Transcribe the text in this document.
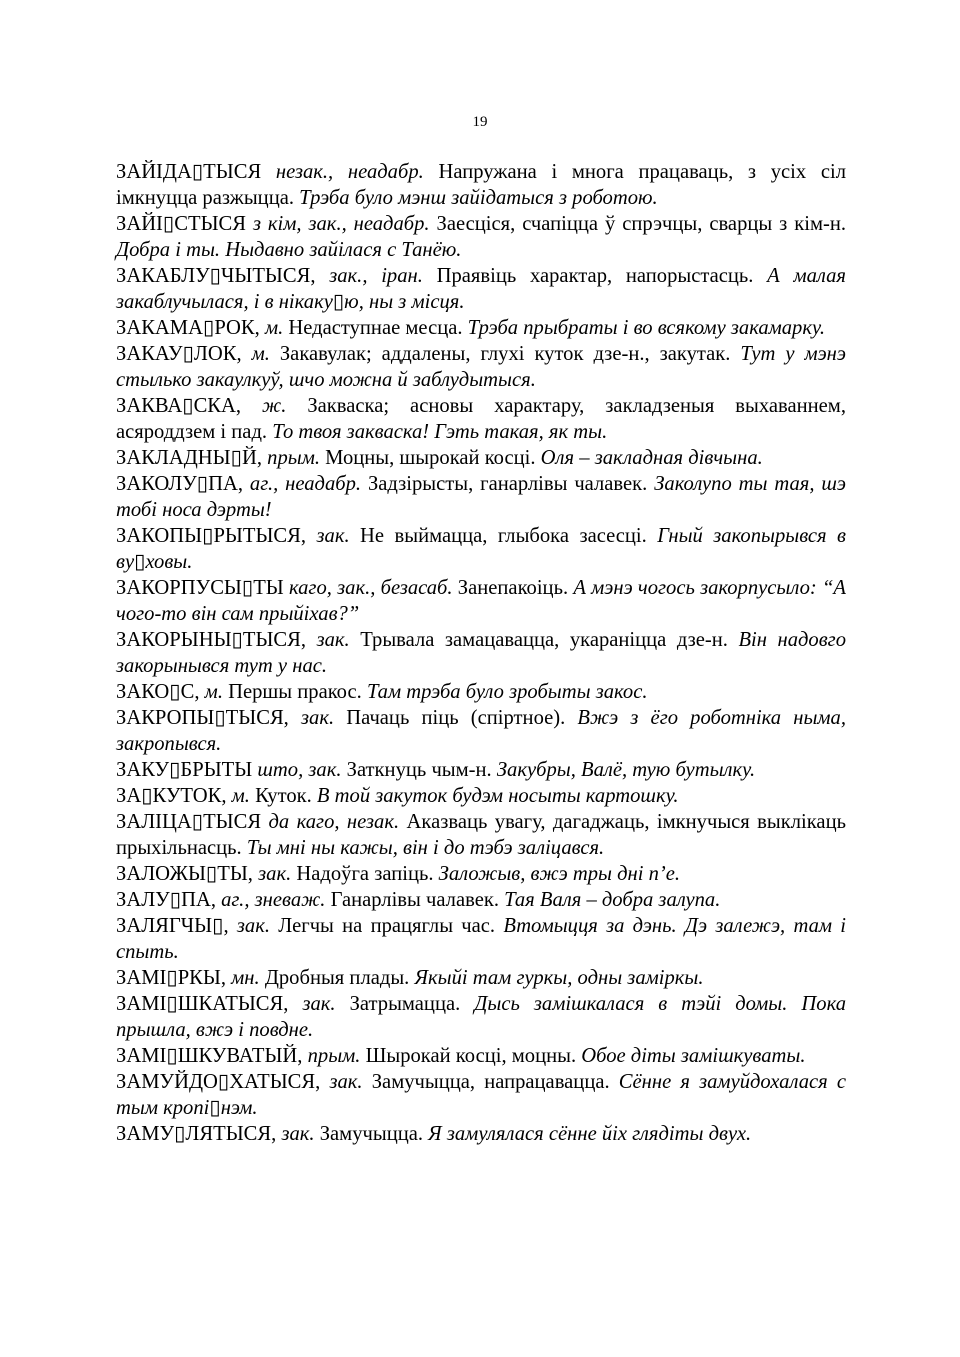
19

ЗАЙІДА▯ТЫСЯ незак., неадабр. Напружана і многа працаваць, з усіх сіл імкнуцца разжыцца. Трэба було мэнш зайідатыся з роботою.

ЗАЙІ▯СТЫСЯ з кім, зак., неадабр. Заесціся, счапіцца ў спрэчцы, сварцы з кім-н. Добра і ты. Ныдавно зайілася с Танёю.

ЗАКАБЛУ▯ЧЫТЫСЯ, зак., іран. Праявіць характар, напорыстасць. А малая закаблучылася, і в нікаку▯ю, ны з місця.

ЗАКАМА▯РОК, м. Недаступнае месца. Трэба прыбраты і во всякому закамарку.

ЗАКАУ▯ЛОК, м. Закавулак; аддалены, глухі куток дзе-н., закутак. Тут у мэнэ стылько закаулкуў, шчо можна й заблудытыся.

ЗАКВА▯СКА, ж. Закваска; асновы характару, закладзеныя выхаваннем, асяроддзем і пад. То твоя закваска! Гэть такая, як ты.

ЗАКЛАДНЫ▯Й, прым. Моцны, шырокай косці. Оля – закладная дівчына.

ЗАКОЛУ▯ПА, аг., неадабр. Задзірысты, ганарлівы чалавек. Заколупо ты тая, шэ тобі носа дэрты!

ЗАКОПЫ▯РЫТЫСЯ, зак. Не выймацца, глыбока засесці. Гный закопырывся в ву▯ховы.

ЗАКОРПУСЫ▯ТЫ каго, зак., безасаб. Занепакоіць. А мэнэ чогось закорпусыло: “А чого-то він сам прыйіхав?”

ЗАКОРЫНЫ▯ТЫСЯ, зак. Трывала замацавацца, укараніцца дзе-н. Він надовго закорынывся тут у нас.

ЗАКО▯С, м. Першы пракос. Там трэба було зробыты закос.

ЗАКРОПЫ▯ТЫСЯ, зак. Пачаць піць (спіртное). Вжэ з ёго роботніка ныма, закропывся.

ЗАКУ▯БРЫТЫ што, зак. Заткнуць чым-н. Закубры, Валё, тую бутылку.

ЗА▯КУТОК, м. Куток. В той закуток будэм носыты картошку.

ЗАЛІЦА▯ТЫСЯ да каго, незак. Аказваць увагу, дагаджаць, імкнучыся выклікаць прыхільнасць. Ты мні ны кажы, він і до тэбэ заліцався.

ЗАЛОЖЫ▯ТЫ, зак. Надоўга запіць. Заложыв, вжэ тры дні п’е.

ЗАЛУ▯ПА, аг., зневаж. Ганарлівы чалавек. Тая Валя – добра залупа.

ЗАЛЯГЧЫ▯, зак. Легчы на працяглы час. Втомыцця за дэнь. Дэ залежэ, там і спыть.

ЗАМІ▯РКЫ, мн. Дробныя плады. Якыйі там гуркы, одны заміркы.

ЗАМІ▯ШКАТЫСЯ, зак. Затрымацца. Дысь замішкалася в тэйі домы. Пока прышла, вжэ і повдне.

ЗАМІ▯ШКУВАТЫЙ, прым. Шырокай косці, моцны. Обое діты замішкуваты.

ЗАМУЙДО▯ХАТЫСЯ, зак. Замучыцца, напрацавацца. Сённе я замуйдохалася с тым кропі▯нэм.

ЗАМУ▯ЛЯТЫСЯ, зак. Замучыцца. Я замулялася сённе йіх глядіты двух.
